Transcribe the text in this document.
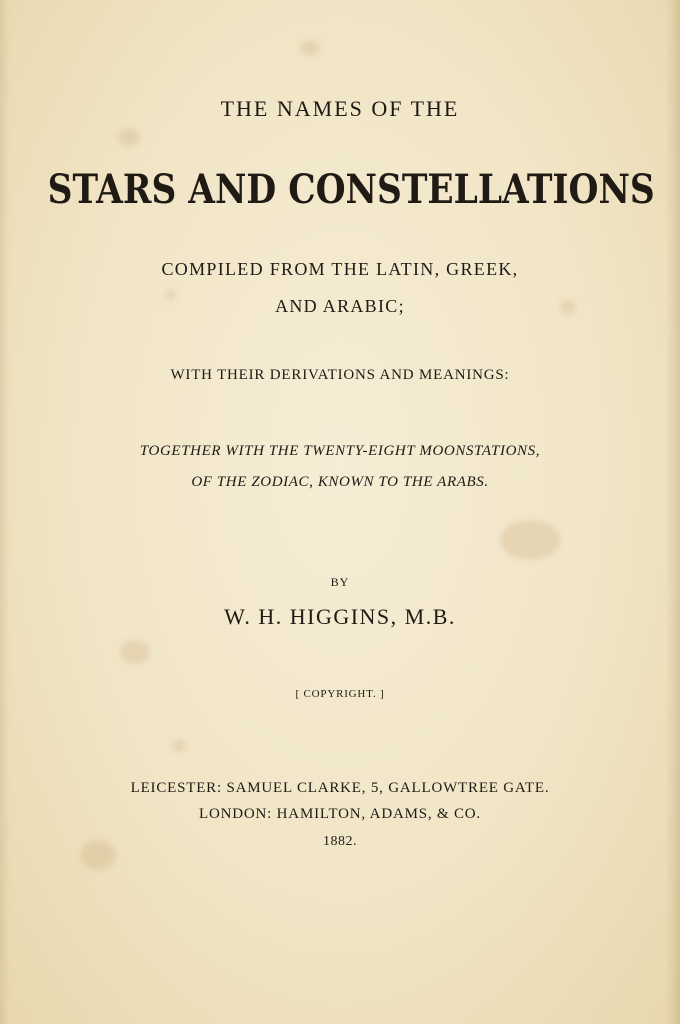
THE NAMES OF THE
STARS AND CONSTELLATIONS
COMPILED FROM THE LATIN, GREEK,
AND ARABIC;
WITH THEIR DERIVATIONS AND MEANINGS:
TOGETHER WITH THE TWENTY-EIGHT MOONSTATIONS,
OF THE ZODIAC, KNOWN TO THE ARABS.
BY
W. H. HIGGINS, M.B.
[ COPYRIGHT. ]
LEICESTER: SAMUEL CLARKE, 5, GALLOWTREE GATE.
LONDON: HAMILTON, ADAMS, & CO.
1882.
